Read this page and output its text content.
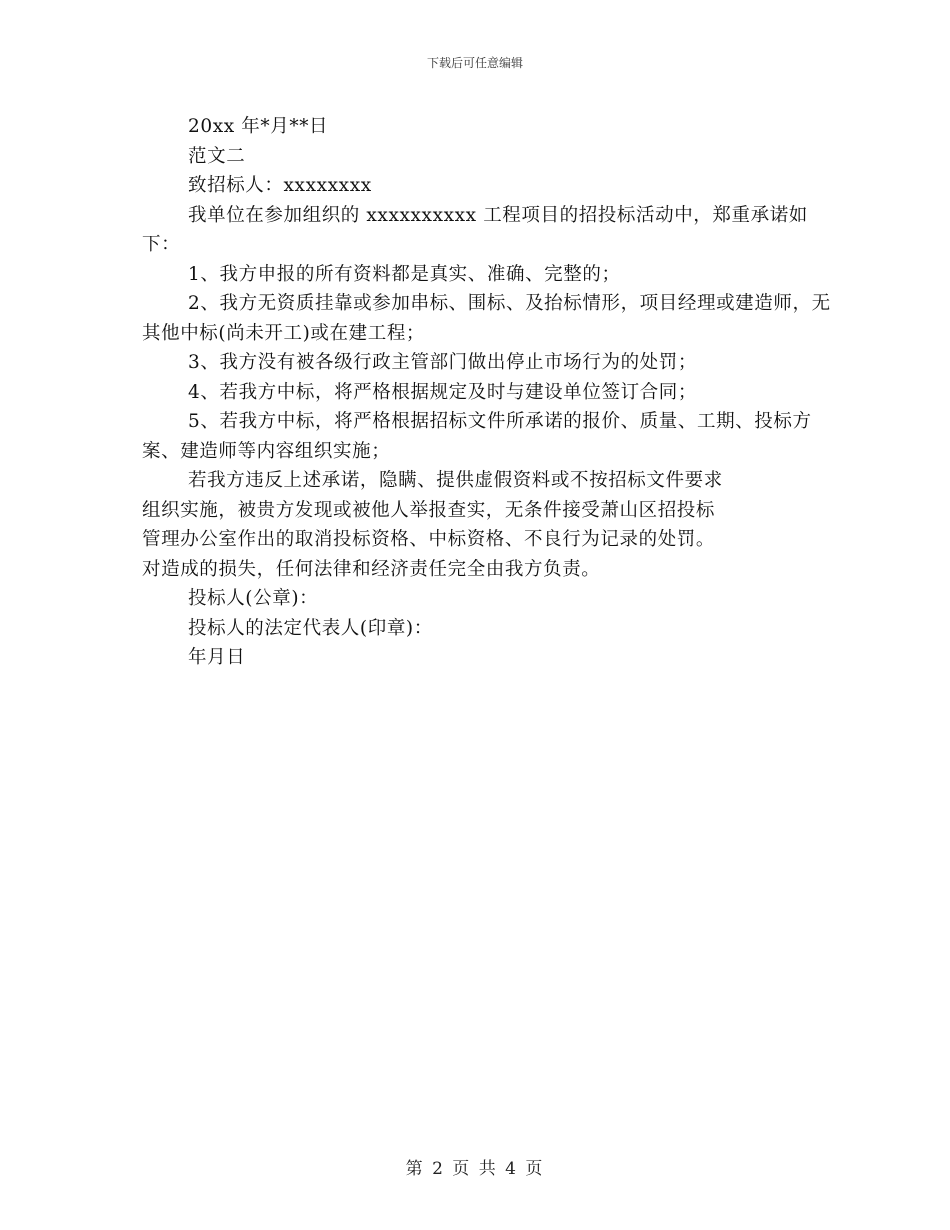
下载后可任意编辑

20xx 年*月**日

范文二

致招标人：xxxxxxxx

我单位在参加组织的 xxxxxxxxxx 工程项目的招投标活动中，郑重承诺如下：

1、我方申报的所有资料都是真实、准确、完整的；

2、我方无资质挂靠或参加串标、围标、及抬标情形，项目经理或建造师，无其他中标(尚未开工)或在建工程；

3、我方没有被各级行政主管部门做出停止市场行为的处罚；

4、若我方中标，将严格根据规定及时与建设单位签订合同；

5、若我方中标，将严格根据招标文件所承诺的报价、质量、工期、投标方案、建造师等内容组织实施；

若我方违反上述承诺，隐瞒、提供虚假资料或不按招标文件要求

组织实施，被贵方发现或被他人举报查实，无条件接受萧山区招投标

管理办公室作出的取消投标资格、中标资格、不良行为记录的处罚。

对造成的损失，任何法律和经济责任完全由我方负责。

投标人(公章)：

投标人的法定代表人(印章)：

年月日

第 2 页 共 4 页
